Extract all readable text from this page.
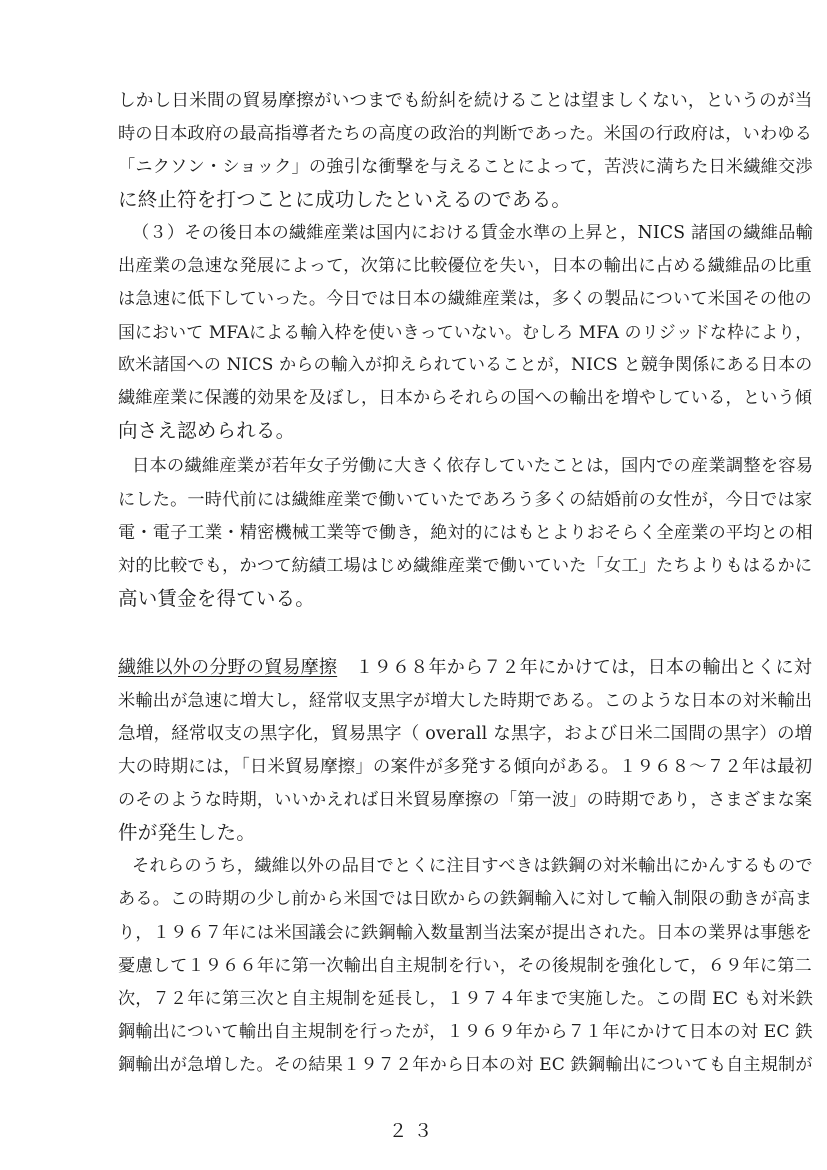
しかし日米間の貿易摩擦がいつまでも紛糾を続けることは望ましくない，というのが当
時の日本政府の最高指導者たちの高度の政治的判断であった。米国の行政府は，いわゆる
「ニクソン・ショック」の強引な衝撃を与えることによって，苦渋に満ちた日米繊維交渉
に終止符を打つことに成功したといえるのである。
（３）その後日本の繊維産業は国内における賃金水準の上昇と，NICS 諸国の繊維品輸
出産業の急速な発展によって，次第に比較優位を失い，日本の輸出に占める繊維品の比重
は急速に低下していった。今日では日本の繊維産業は，多くの製品について米国その他の
国において MFAによる輸入枠を使いきっていない。むしろ MFA のリジッドな枠により，
欧米諸国への NICS からの輸入が抑えられていることが，NICS と競争関係にある日本の
繊維産業に保護的効果を及ぼし，日本からそれらの国への輸出を増やしている，という傾
向さえ認められる。
日本の繊維産業が若年女子労働に大きく依存していたことは，国内での産業調整を容易
にした。一時代前には繊維産業で働いていたであろう多くの結婚前の女性が，今日では家
電・電子工業・精密機械工業等で働き，絶対的にはもとよりおそらく全産業の平均との相
対的比較でも，かつて紡績工場はじめ繊維産業で働いていた「女工」たちよりもはるかに
高い賃金を得ている。
繊維以外の分野の貿易摩擦　１９６８年から７２年にかけては，日本の輸出とくに対
米輸出が急速に増大し，経常収支黒字が増大した時期である。このような日本の対米輸出
急増，経常収支の黒字化，貿易黒字（ overall な黒字，および日米二国間の黒字）の増
大の時期には，「日米貿易摩擦」の案件が多発する傾向がある。１９６８～７２年は最初
のそのような時期，いいかえれば日米貿易摩擦の「第一波」の時期であり，さまざまな案
件が発生した。
それらのうち，繊維以外の品目でとくに注目すべきは鉄鋼の対米輸出にかんするもので
ある。この時期の少し前から米国では日欧からの鉄鋼輸入に対して輸入制限の動きが高ま
り，１９６７年には米国議会に鉄鋼輸入数量割当法案が提出された。日本の業界は事態を
憂慮して１９６６年に第一次輸出自主規制を行い，その後規制を強化して，６９年に第二
次，７２年に第三次と自主規制を延長し，１９７４年まで実施した。この間 EC も対米鉄
鋼輸出について輸出自主規制を行ったが，１９６９年から７１年にかけて日本の対 EC 鉄
鋼輸出が急増した。その結果１９７２年から日本の対 EC 鉄鋼輸出についても自主規制が
２３
